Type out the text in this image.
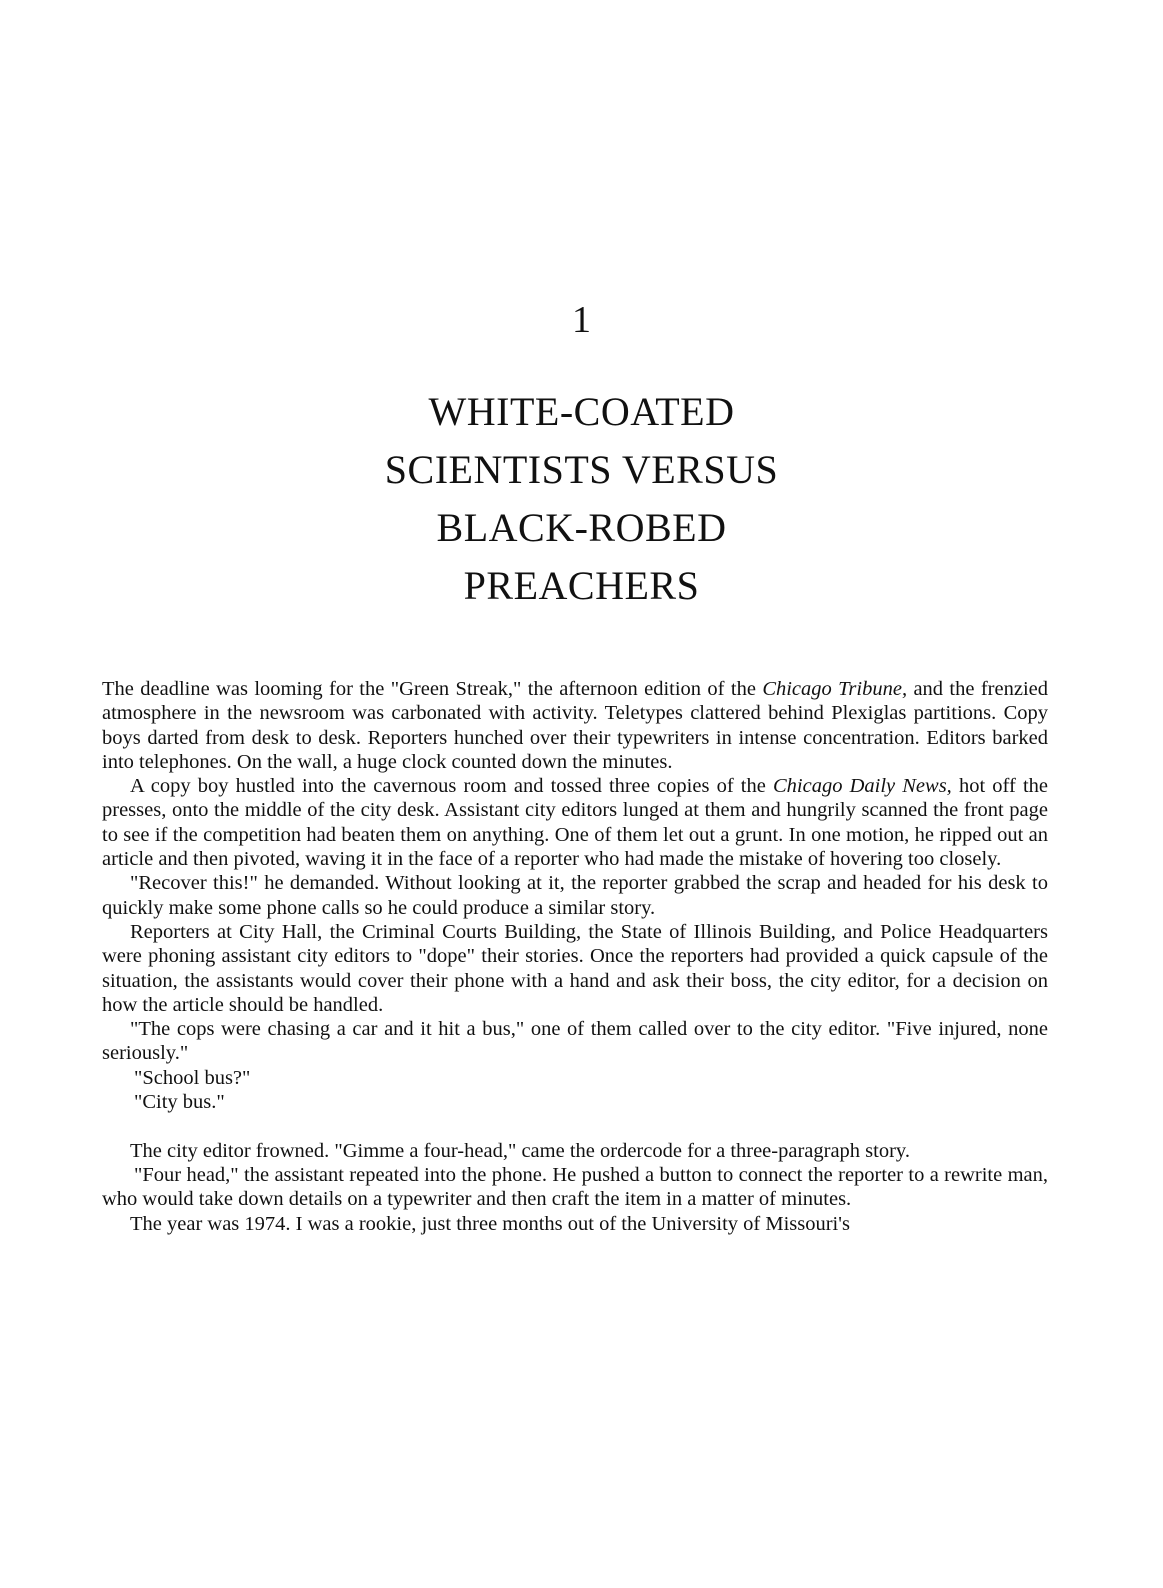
1
WHITE-COATED
SCIENTISTS VERSUS
BLACK-ROBED
PREACHERS

The deadline was looming for the "Green Streak," the afternoon edition of the Chicago Tribune, and the frenzied atmosphere in the newsroom was carbonated with activity. Teletypes clattered behind Plexiglas partitions. Copy boys darted from desk to desk. Reporters hunched over their typewriters in intense concentration. Editors barked into telephones. On the wall, a huge clock counted down the minutes.

A copy boy hustled into the cavernous room and tossed three copies of the Chicago Daily News, hot off the presses, onto the middle of the city desk. Assistant city editors lunged at them and hungrily scanned the front page to see if the competition had beaten them on anything. One of them let out a grunt. In one motion, he ripped out an article and then pivoted, waving it in the face of a reporter who had made the mistake of hovering too closely.

"Recover this!" he demanded. Without looking at it, the reporter grabbed the scrap and headed for his desk to quickly make some phone calls so he could produce a similar story.

Reporters at City Hall, the Criminal Courts Building, the State of Illinois Building, and Police Headquarters were phoning assistant city editors to "dope" their stories. Once the reporters had provided a quick capsule of the situation, the assistants would cover their phone with a hand and ask their boss, the city editor, for a decision on how the article should be handled.

"The cops were chasing a car and it hit a bus," one of them called over to the city editor. "Five injured, none seriously."

"School bus?"

"City bus."

The city editor frowned. "Gimme a four-head," came the ordercode for a three-paragraph story.

"Four head," the assistant repeated into the phone. He pushed a button to connect the reporter to a rewrite man, who would take down details on a typewriter and then craft the item in a matter of minutes.

The year was 1974. I was a rookie, just three months out of the University of Missouri's
